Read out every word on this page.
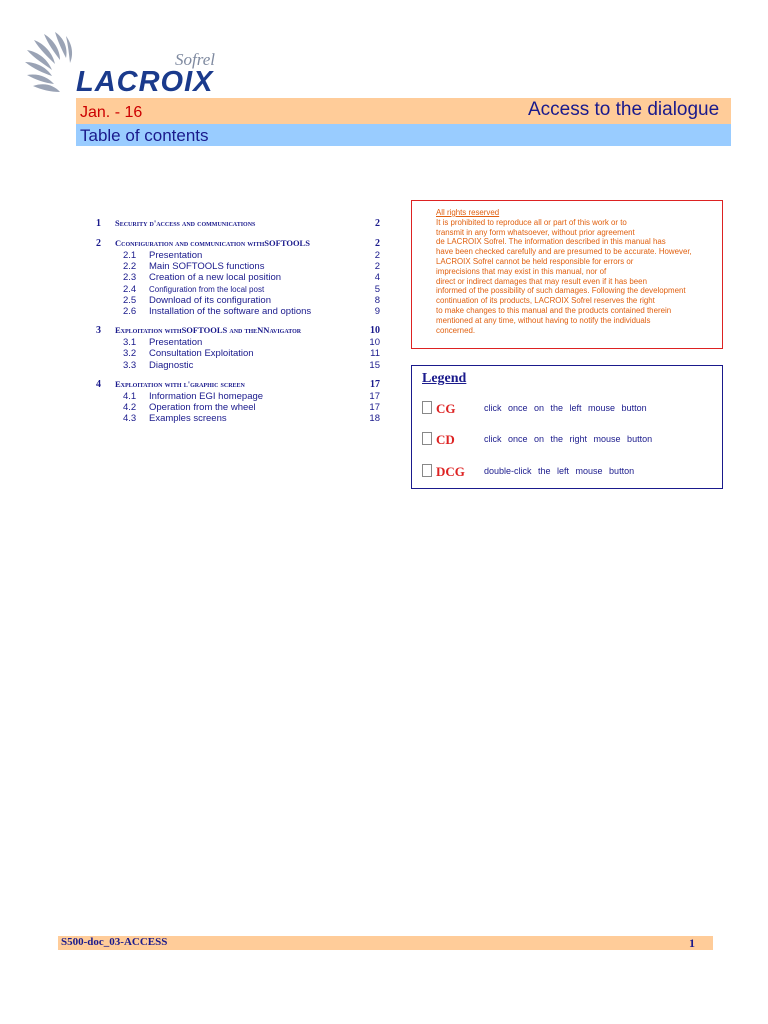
Sofrel
LACROIX
Jan. - 16	Access to the dialogue
Table of contents
1 Security d'access and communications	2
2 Cconfiguration and communication withSOFTOOLS	2
2.1 Presentation	2
2.2 Main SOFTOOLS functions	2
2.3 Creation of a new local position	4
2.4 Configuration from the local post	5
2.5 Download of its configuration	8
2.6 Installation of the software and options	9
3 Exploitation withSOFTOOLS and theNNavigator	10
3.1 Presentation	10
3.2 Consultation Exploitation	11
3.3 Diagnostic	15
4 Exploitation with l'graphic screen	17
4.1 Information EGI homepage	17
4.2 Operation from the wheel	17
4.3 Examples screens	18
All rights reserved
It is prohibited to reproduce all or part of this work or to
transmit in any form whatsoever, without prior agreement
de LACROIX Sofrel. The information described in this manual has
have been checked carefully and are presumed to be accurate. However,
LACROIX Sofrel cannot be held responsible for errors or
imprecisions that may exist in this manual, nor of
direct or indirect damages that may result even if it has been
informed of the possibility of such damages. Following the development
continuation of its products, LACROIX Sofrel reserves the right
to make changes to this manual and the products contained therein
mentioned at any time, without having to notify the individuals
concerned.
Legend
CG	click once on the left mouse button
CD	click once on the right mouse button
DCG double-click the left mouse button
S500-doc_03-ACCESS	1
